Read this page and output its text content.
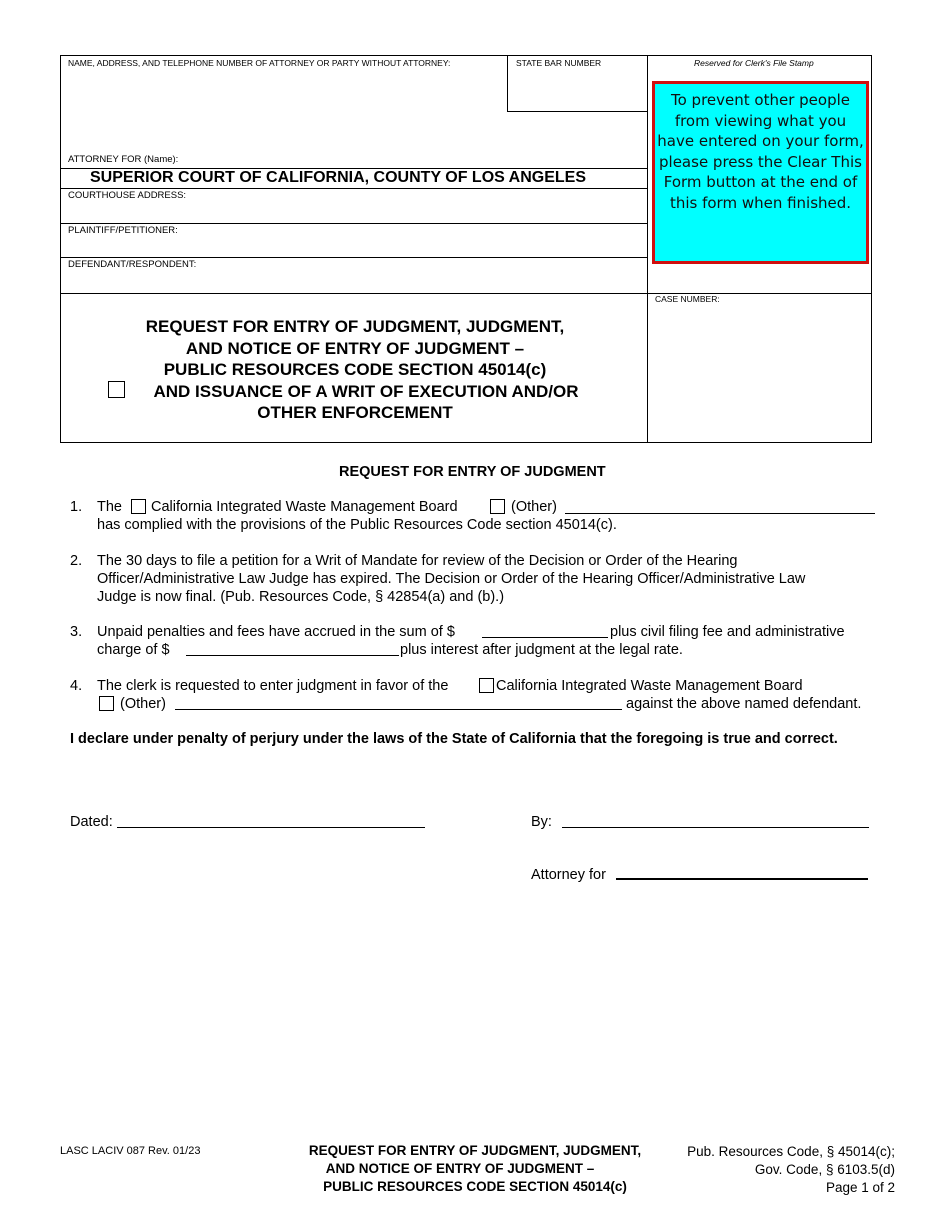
NAME, ADDRESS, AND TELEPHONE NUMBER OF ATTORNEY OR PARTY WITHOUT ATTORNEY:	STATE BAR NUMBER	Reserved for Clerk's File Stamp
ATTORNEY FOR (Name):
SUPERIOR COURT OF CALIFORNIA, COUNTY OF LOS ANGELES
COURTHOUSE ADDRESS:
PLAINTIFF/PETITIONER:
DEFENDANT/RESPONDENT:
CASE NUMBER:
To prevent other people from viewing what you have entered on your form, please press the Clear This Form button at the end of this form when finished.
REQUEST FOR ENTRY OF JUDGMENT, JUDGMENT,
AND NOTICE OF ENTRY OF JUDGMENT –
PUBLIC RESOURCES CODE SECTION 45014(c)
AND ISSUANCE OF A WRIT OF EXECUTION AND/OR
OTHER ENFORCEMENT
REQUEST FOR ENTRY OF JUDGMENT
1. The California Integrated Waste Management Board	(Other)
has complied with the provisions of the Public Resources Code section 45014(c).
2. The 30 days to file a petition for a Writ of Mandate for review of the Decision or Order of the Hearing
Officer/Administrative Law Judge has expired. The Decision or Order of the Hearing Officer/Administrative Law
Judge is now final. (Pub. Resources Code, § 42854(a) and (b).)
3. Unpaid penalties and fees have accrued in the sum of $	plus civil filing fee and administrative
charge of $	plus interest after judgment at the legal rate.
4. The clerk is requested to enter judgment in favor of the	California Integrated Waste Management Board
(Other)	against the above named defendant.
I declare under penalty of perjury under the laws of the State of California that the foregoing is true and correct.
Dated:	By:
Attorney for
LASC LACIV 087 Rev. 01/23	REQUEST FOR ENTRY OF JUDGMENT, JUDGMENT,
AND NOTICE OF ENTRY OF JUDGMENT –
PUBLIC RESOURCES CODE SECTION 45014(c)
Pub. Resources Code, § 45014(c);
Gov. Code, § 6103.5(d)
Page 1 of 2
